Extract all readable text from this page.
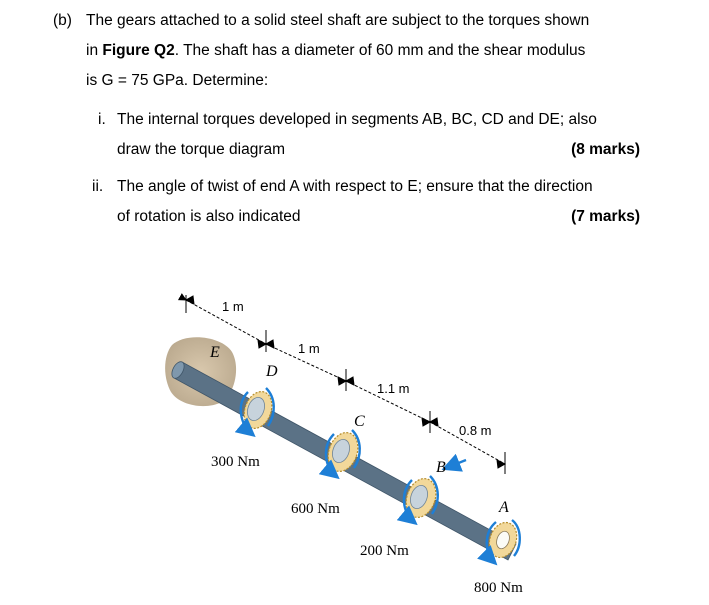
(b) The gears attached to a solid steel shaft are subject to the torques shown
in Figure Q2. The shaft has a diameter of 60 mm and the shear modulus
is G = 75 GPa. Determine:
i. The internal torques developed in segments AB, BC, CD and DE; also
draw the torque diagram	(8 marks)
ii. The angle of twist of end A with respect to E; ensure that the direction
of rotation is also indicated	(7 marks)
1 m
1 m
1.1 m
0.8 m
E
D
C
B
A
300 Nm
600 Nm
200 Nm
800 Nm
